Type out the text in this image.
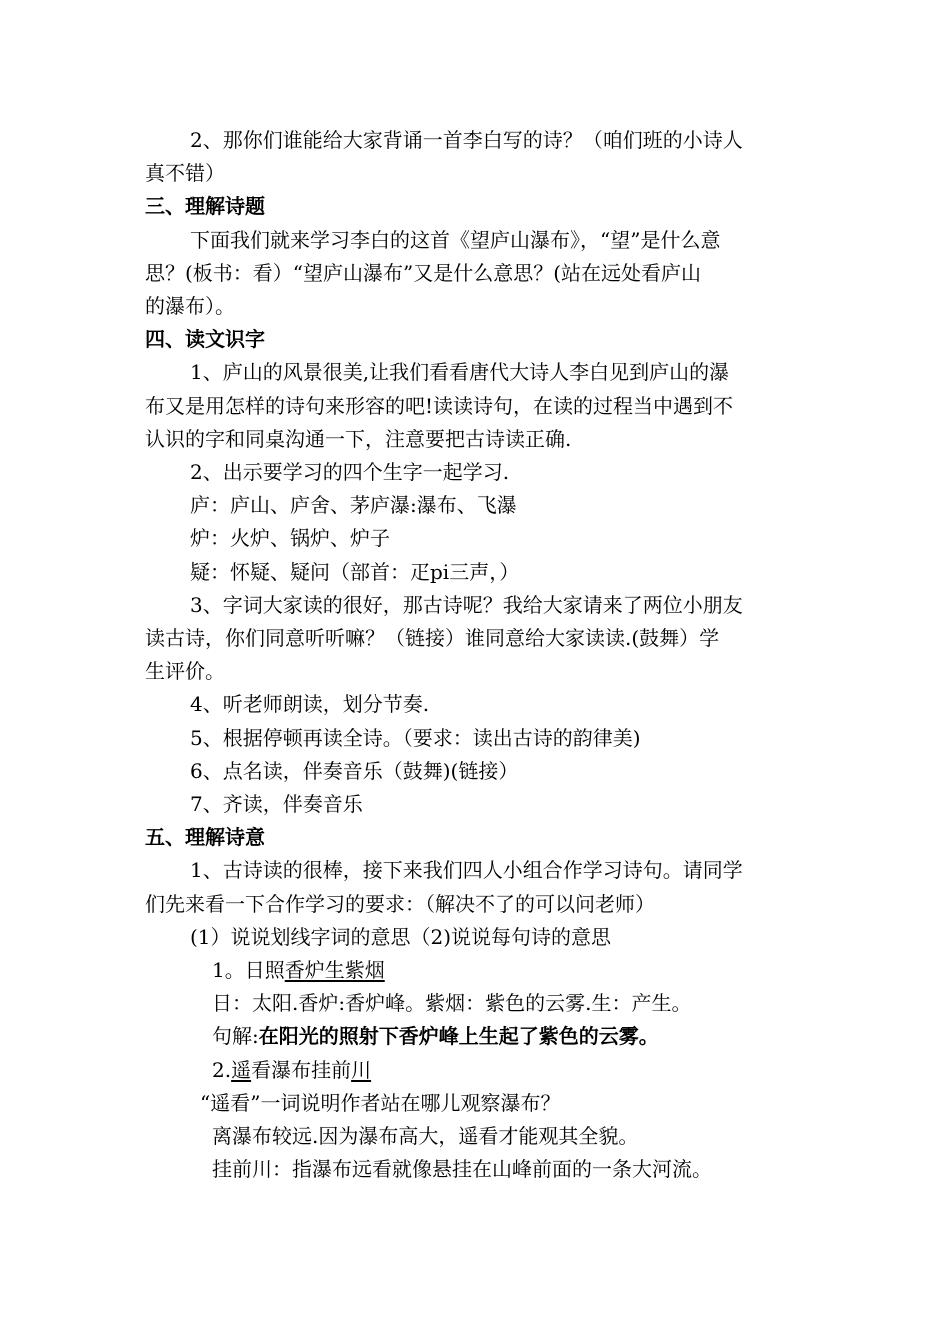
2、那你们谁能给大家背诵一首李白写的诗？（咱们班的小诗人
真不错）
三、理解诗题
下面我们就来学习李白的这首《望庐山瀑布》，“望”是什么意
思？(板书：看）“望庐山瀑布”又是什么意思？(站在远处看庐山
的瀑布）。
四、读文识字
1、庐山的风景很美,让我们看看唐代大诗人李白见到庐山的瀑
布又是用怎样的诗句来形容的吧!读读诗句，在读的过程当中遇到不
认识的字和同桌沟通一下，注意要把古诗读正确.
2、出示要学习的四个生字一起学习.
庐：庐山、庐舍、茅庐瀑:瀑布、飞瀑
炉：火炉、锅炉、炉子
疑：怀疑、疑问（部首：疋pi三声，）
3、字词大家读的很好，那古诗呢？我给大家请来了两位小朋友
读古诗，你们同意听听嘛？（链接）谁同意给大家读读.(鼓舞）学
生评价。
4、听老师朗读，划分节奏.
5、根据停顿再读全诗。（要求：读出古诗的韵律美)
6、点名读，伴奏音乐（鼓舞)(链接）
7、齐读，伴奏音乐
五、理解诗意
1、古诗读的很棒，接下来我们四人小组合作学习诗句。请同学
们先来看一下合作学习的要求：（解决不了的可以问老师）
(1）说说划线字词的意思（2)说说每句诗的意思
1。日照香炉生紫烟
日：太阳.香炉:香炉峰。紫烟：紫色的云雾.生：产生。
句解:在阳光的照射下香炉峰上生起了紫色的云雾。
2.遥看瀑布挂前川
“遥看”一词说明作者站在哪儿观察瀑布？
离瀑布较远.因为瀑布高大，遥看才能观其全貌。
挂前川：指瀑布远看就像悬挂在山峰前面的一条大河流。
